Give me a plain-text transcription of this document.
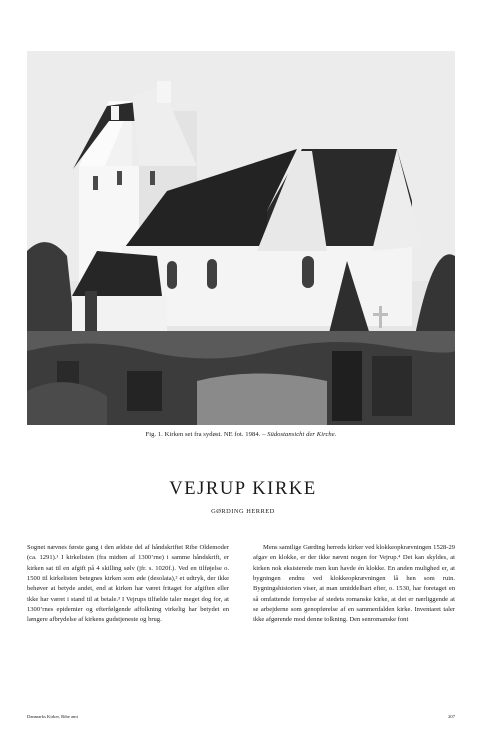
Fig. 1. Kirken set fra sydøst. NE fot. 1984. – Südostansicht der Kirche.
VEJRUP KIRKE
GØRDING HERRED

Sognet nævnes første gang i den ældste del af håndskriftet Ribe Oldemoder (ca. 1291).¹ I kirkelisten (fra midten af 1300’rne) i samme håndskrift, er kirken sat til en afgift på 4 skilling sølv (jfr. s. 1020f.). Ved en tilføjelse o. 1500 til kirkelisten betegnes kirken som øde (desolata),² et udtryk, der ikke behøver at betyde andet, end at kirken har været fritaget for afgiften eller ikke har været i stand til at betale.³ I Vejrups tilfælde taler meget dog for, at 1300’rnes epidemier og efterfølgende affolkning virkelig har betydet en længere afbrydelse af kirkens gudstjeneste og brug.

Mens samtlige Gørding herreds kirker ved klokkeopkrævningen 1528-29 afgav en klokke, er der ikke nævnt nogen for Vejrup.⁴ Det kan skyldes, at kirken nok eksisterede men kun havde én klokke. En anden mulighed er, at bygningen endnu ved klokkeopkrævningen lå hen som ruin. Bygningshistorien viser, at man umiddelbart efter, o. 1530, har foretaget en så omfattende fornyelse af stedets romanske kirke, at det er nærliggende at se arbejderne som genopførelse af en sammenfalden kirke. Inventaret taler ikke afgørende mod denne tolkning. Den senromanske font

Danmarks Kirker, Ribe amt	207
